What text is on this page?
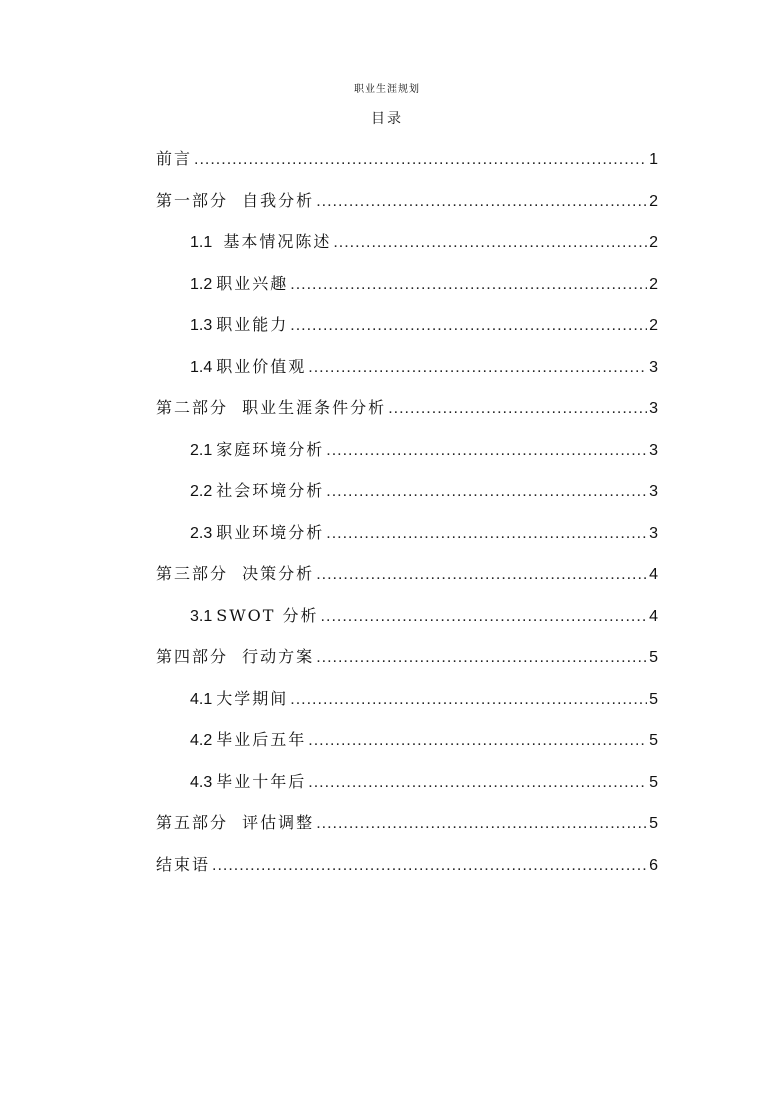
职业生涯规划
目录
前言 .....	1
第一部分  自我分析 .....	2
1.1 基本情况陈述 .....	2
1.2 职业兴趣 .....	2
1.3 职业能力 .....	2
1.4 职业价值观 .....	3
第二部分  职业生涯条件分析 .....	3
2.1 家庭环境分析 .....	3
2.2 社会环境分析 .....	3
2.3 职业环境分析 .....	3
第三部分  决策分析 .....	4
3.1 SWOT 分析 .....	4
第四部分  行动方案 .....	5
4.1 大学期间 .....	5
4.2 毕业后五年 .....	5
4.3 毕业十年后 .....	5
第五部分  评估调整 .....	5
结束语 .....	6
